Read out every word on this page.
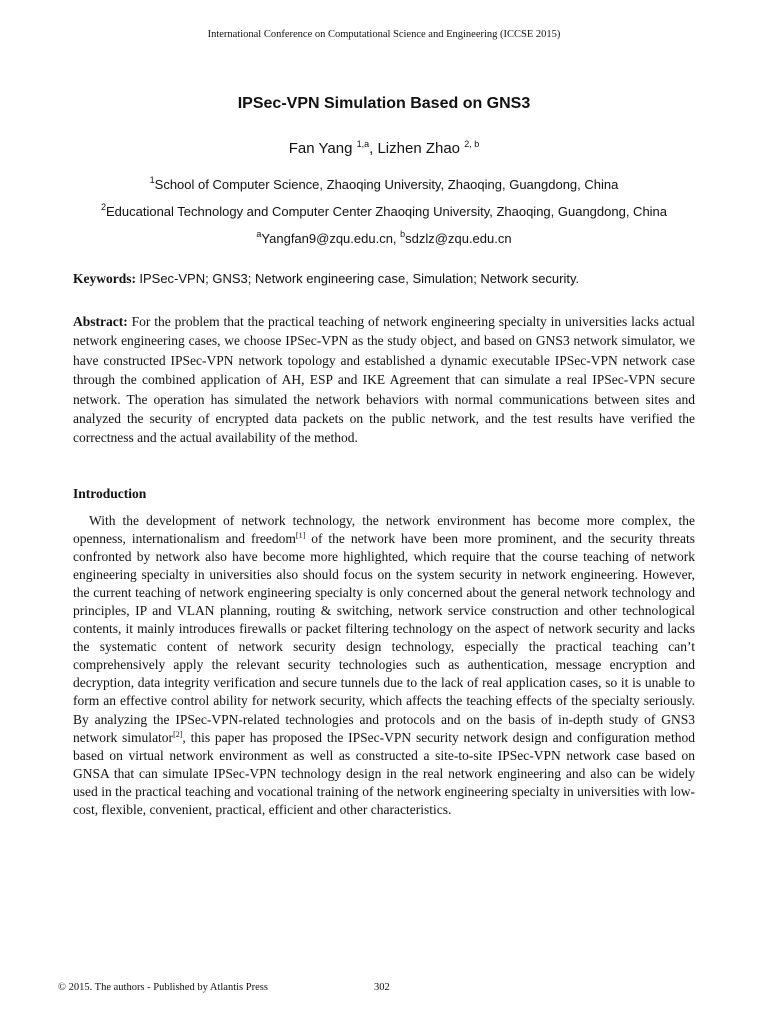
International Conference on Computational Science and Engineering (ICCSE 2015)
IPSec-VPN Simulation Based on GNS3
Fan Yang $^{1,a}$, Lizhen Zhao $^{2, b}$
$^1$School of Computer Science, Zhaoqing University, Zhaoqing, Guangdong, China
$^2$Educational Technology and Computer Center Zhaoqing University, Zhaoqing, Guangdong, China
$^a$Yangfan9@zqu.edu.cn, $^b$sdzlz@zqu.edu.cn
Keywords: IPSec-VPN; GNS3; Network engineering case, Simulation; Network security.

Abstract: For the problem that the practical teaching of network engineering specialty in universities lacks actual network engineering cases, we choose IPSec-VPN as the study object, and based on GNS3 network simulator, we have constructed IPSec-VPN network topology and established a dynamic executable IPSec-VPN network case through the combined application of AH, ESP and IKE Agreement that can simulate a real IPSec-VPN secure network. The operation has simulated the network behaviors with normal communications between sites and analyzed the security of encrypted data packets on the public network, and the test results have verified the correctness and the actual availability of the method.

Introduction

With the development of network technology, the network environment has become more complex, the openness, internationalism and freedom[1] of the network have been more prominent, and the security threats confronted by network also have become more highlighted, which require that the course teaching of network engineering specialty in universities also should focus on the system security in network engineering. However, the current teaching of network engineering specialty is only concerned about the general network technology and principles, IP and VLAN planning, routing & switching, network service construction and other technological contents, it mainly introduces firewalls or packet filtering technology on the aspect of network security and lacks the systematic content of network security design technology, especially the practical teaching can’t comprehensively apply the relevant security technologies such as authentication, message encryption and decryption, data integrity verification and secure tunnels due to the lack of real application cases, so it is unable to form an effective control ability for network security, which affects the teaching effects of the specialty seriously. By analyzing the IPSec-VPN-related technologies and protocols and on the basis of in-depth study of GNS3 network simulator[2], this paper has proposed the IPSec-VPN security network design and configuration method based on virtual network environment as well as constructed a site-to-site IPSec-VPN network case based on GNSA that can simulate IPSec-VPN technology design in the real network engineering and also can be widely used in the practical teaching and vocational training of the network engineering specialty in universities with low-cost, flexible, convenient, practical, efficient and other characteristics.

© 2015. The authors - Published by Atlantis Press	302
